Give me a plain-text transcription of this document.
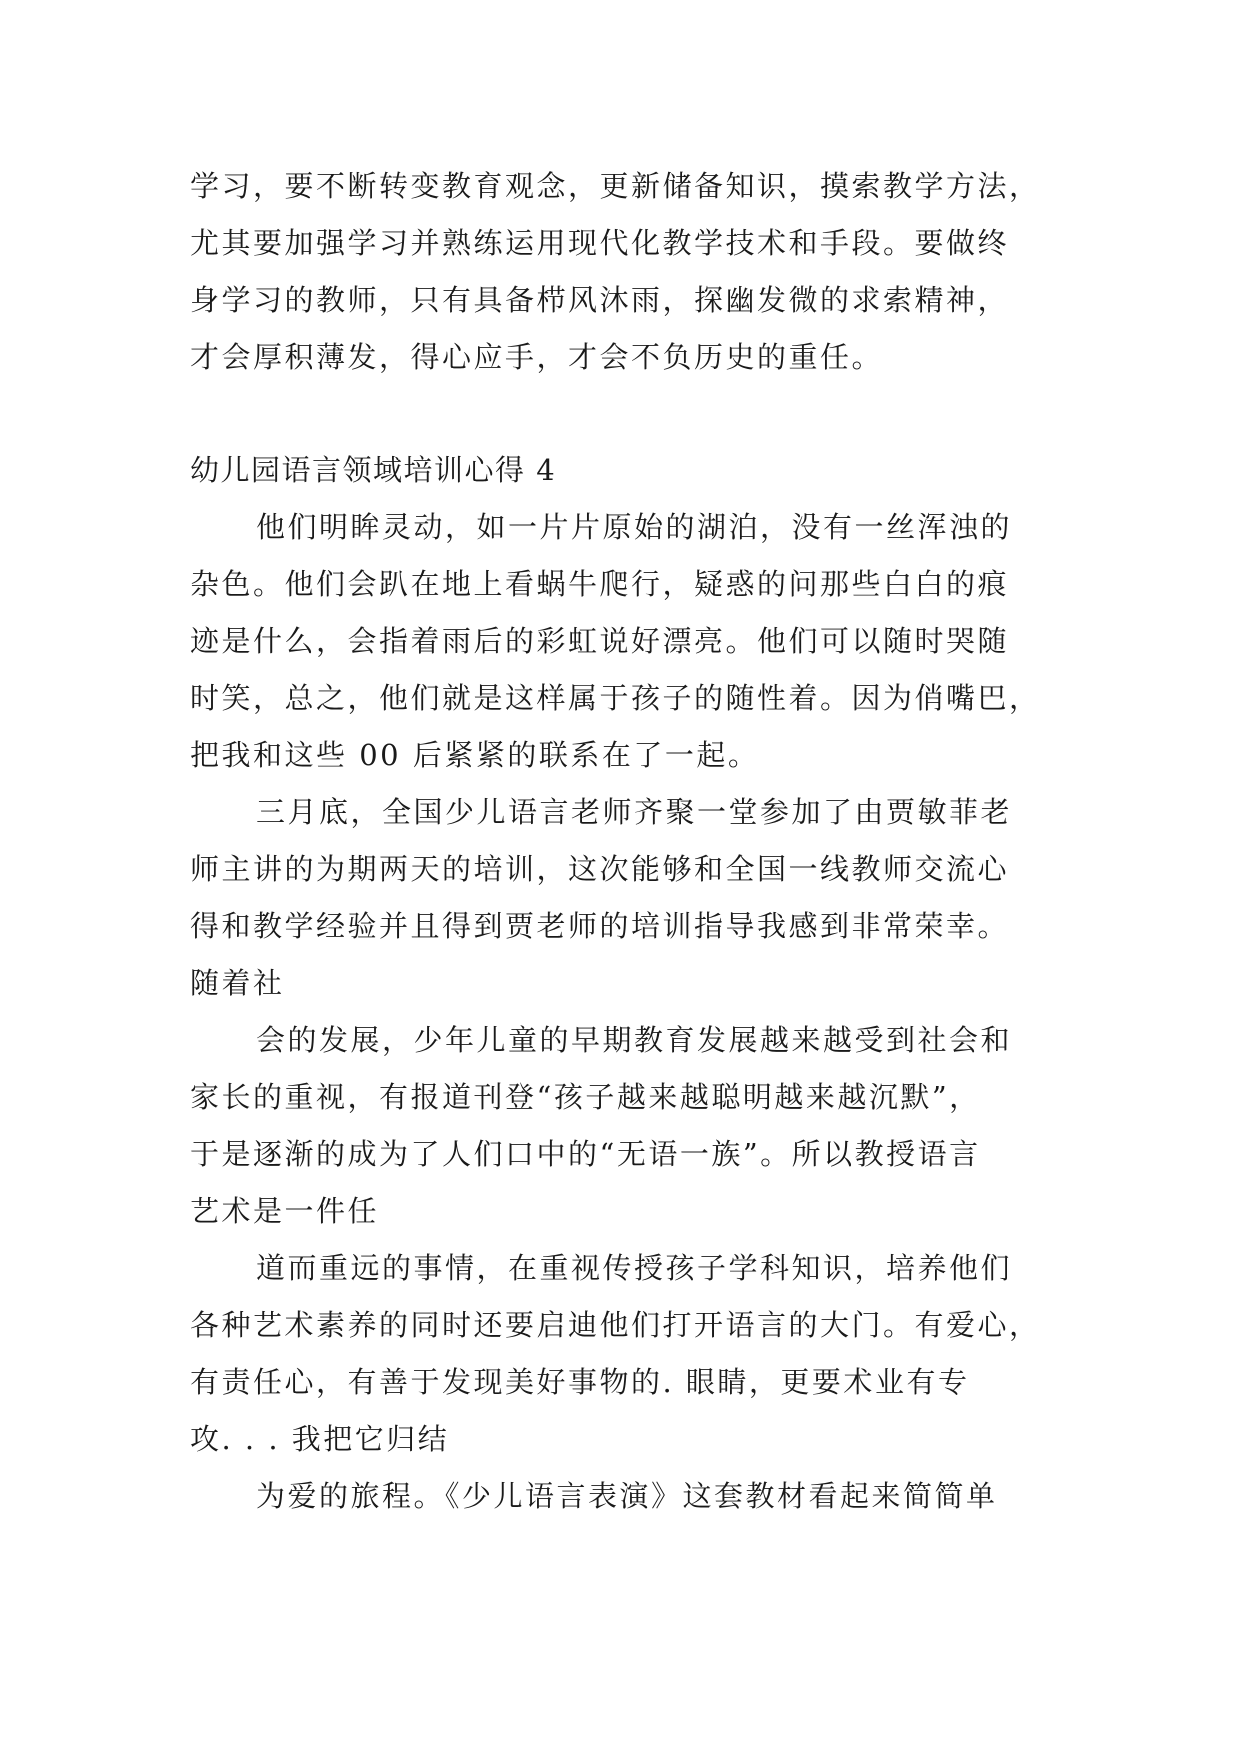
学习，要不断转变教育观念，更新储备知识，摸索教学方法，
尤其要加强学习并熟练运用现代化教学技术和手段。要做终
身学习的教师，只有具备栉风沐雨，探幽发微的求索精神，
才会厚积薄发，得心应手，才会不负历史的重任。
幼儿园语言领域培训心得 4
他们明眸灵动，如一片片原始的湖泊，没有一丝浑浊的
杂色。他们会趴在地上看蜗牛爬行，疑惑的问那些白白的痕
迹是什么，会指着雨后的彩虹说好漂亮。他们可以随时哭随
时笑，总之，他们就是这样属于孩子的随性着。因为俏嘴巴，
把我和这些 00 后紧紧的联系在了一起。
三月底，全国少儿语言老师齐聚一堂参加了由贾敏菲老
师主讲的为期两天的培训，这次能够和全国一线教师交流心
得和教学经验并且得到贾老师的培训指导我感到非常荣幸。
随着社
会的发展，少年儿童的早期教育发展越来越受到社会和
家长的重视，有报道刊登“孩子越来越聪明越来越沉默”，
于是逐渐的成为了人们口中的“无语一族”。所以教授语言
艺术是一件任
道而重远的事情，在重视传授孩子学科知识，培养他们
各种艺术素养的同时还要启迪他们打开语言的大门。有爱心，
有责任心，有善于发现美好事物的. 眼睛，更要术业有专
攻. . . 我把它归结
为爱的旅程。《少儿语言表演》这套教材看起来简简单
